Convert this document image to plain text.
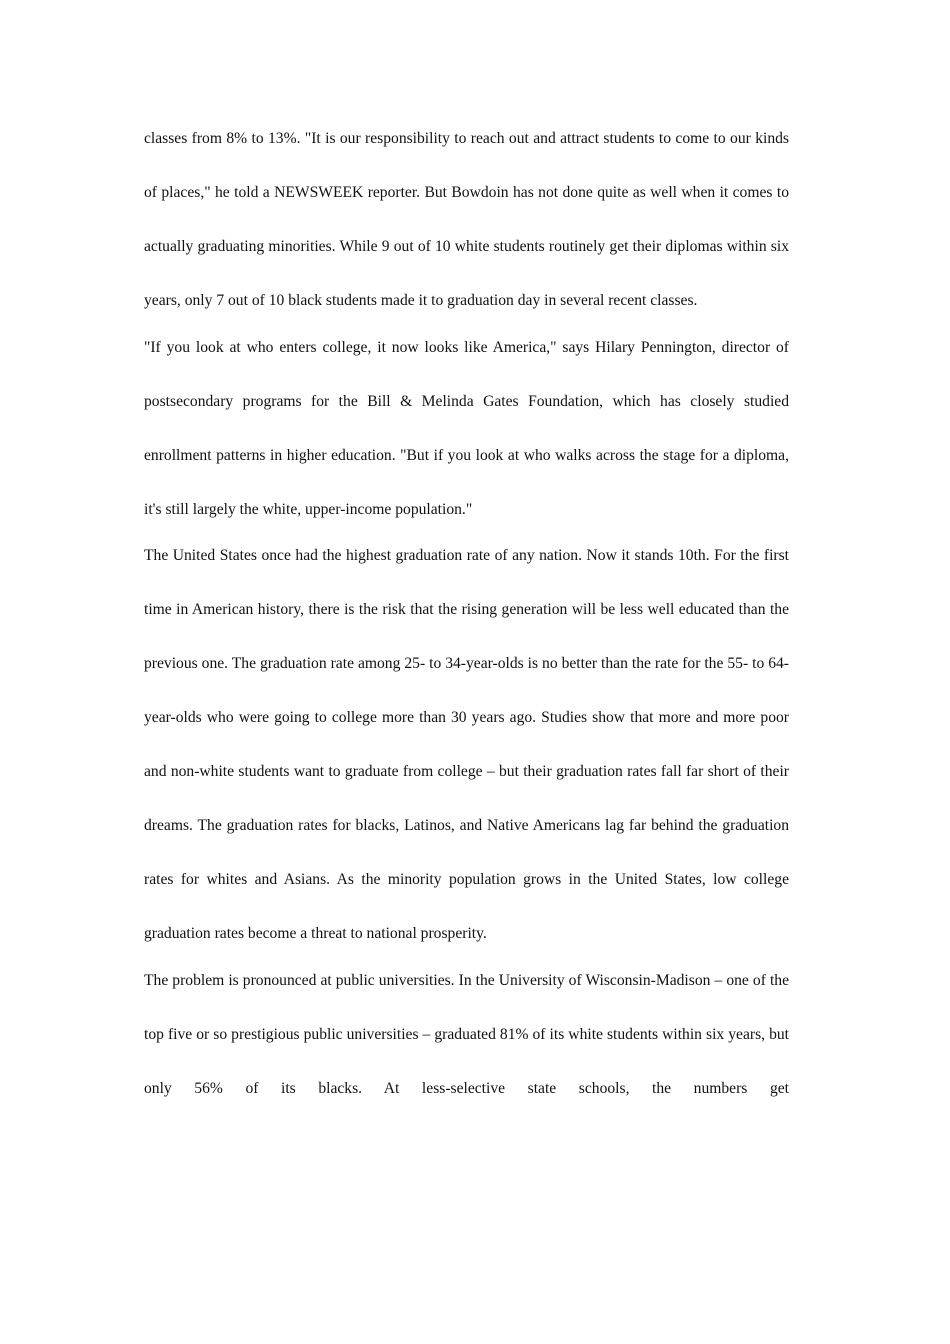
classes from 8% to 13%. "It is our responsibility to reach out and attract students to come to our kinds of places," he told a NEWSWEEK reporter. But Bowdoin has not done quite as well when it comes to actually graduating minorities. While 9 out of 10 white students routinely get their diplomas within six years, only 7 out of 10 black students made it to graduation day in several recent classes.

"If you look at who enters college, it now looks like America," says Hilary Pennington, director of postsecondary programs for the Bill & Melinda Gates Foundation, which has closely studied enrollment patterns in higher education. "But if you look at who walks across the stage for a diploma, it's still largely the white, upper-income population."

The United States once had the highest graduation rate of any nation. Now it stands 10th. For the first time in American history, there is the risk that the rising generation will be less well educated than the previous one. The graduation rate among 25- to 34-year-olds is no better than the rate for the 55- to 64-year-olds who were going to college more than 30 years ago. Studies show that more and more poor and non-white students want to graduate from college – but their graduation rates fall far short of their dreams. The graduation rates for blacks, Latinos, and Native Americans lag far behind the graduation rates for whites and Asians. As the minority population grows in the United States, low college graduation rates become a threat to national prosperity.

The problem is pronounced at public universities. In the University of Wisconsin-Madison – one of the top five or so prestigious public universities – graduated 81% of its white students within six years, but only 56% of its blacks. At less-selective state schools, the numbers get
